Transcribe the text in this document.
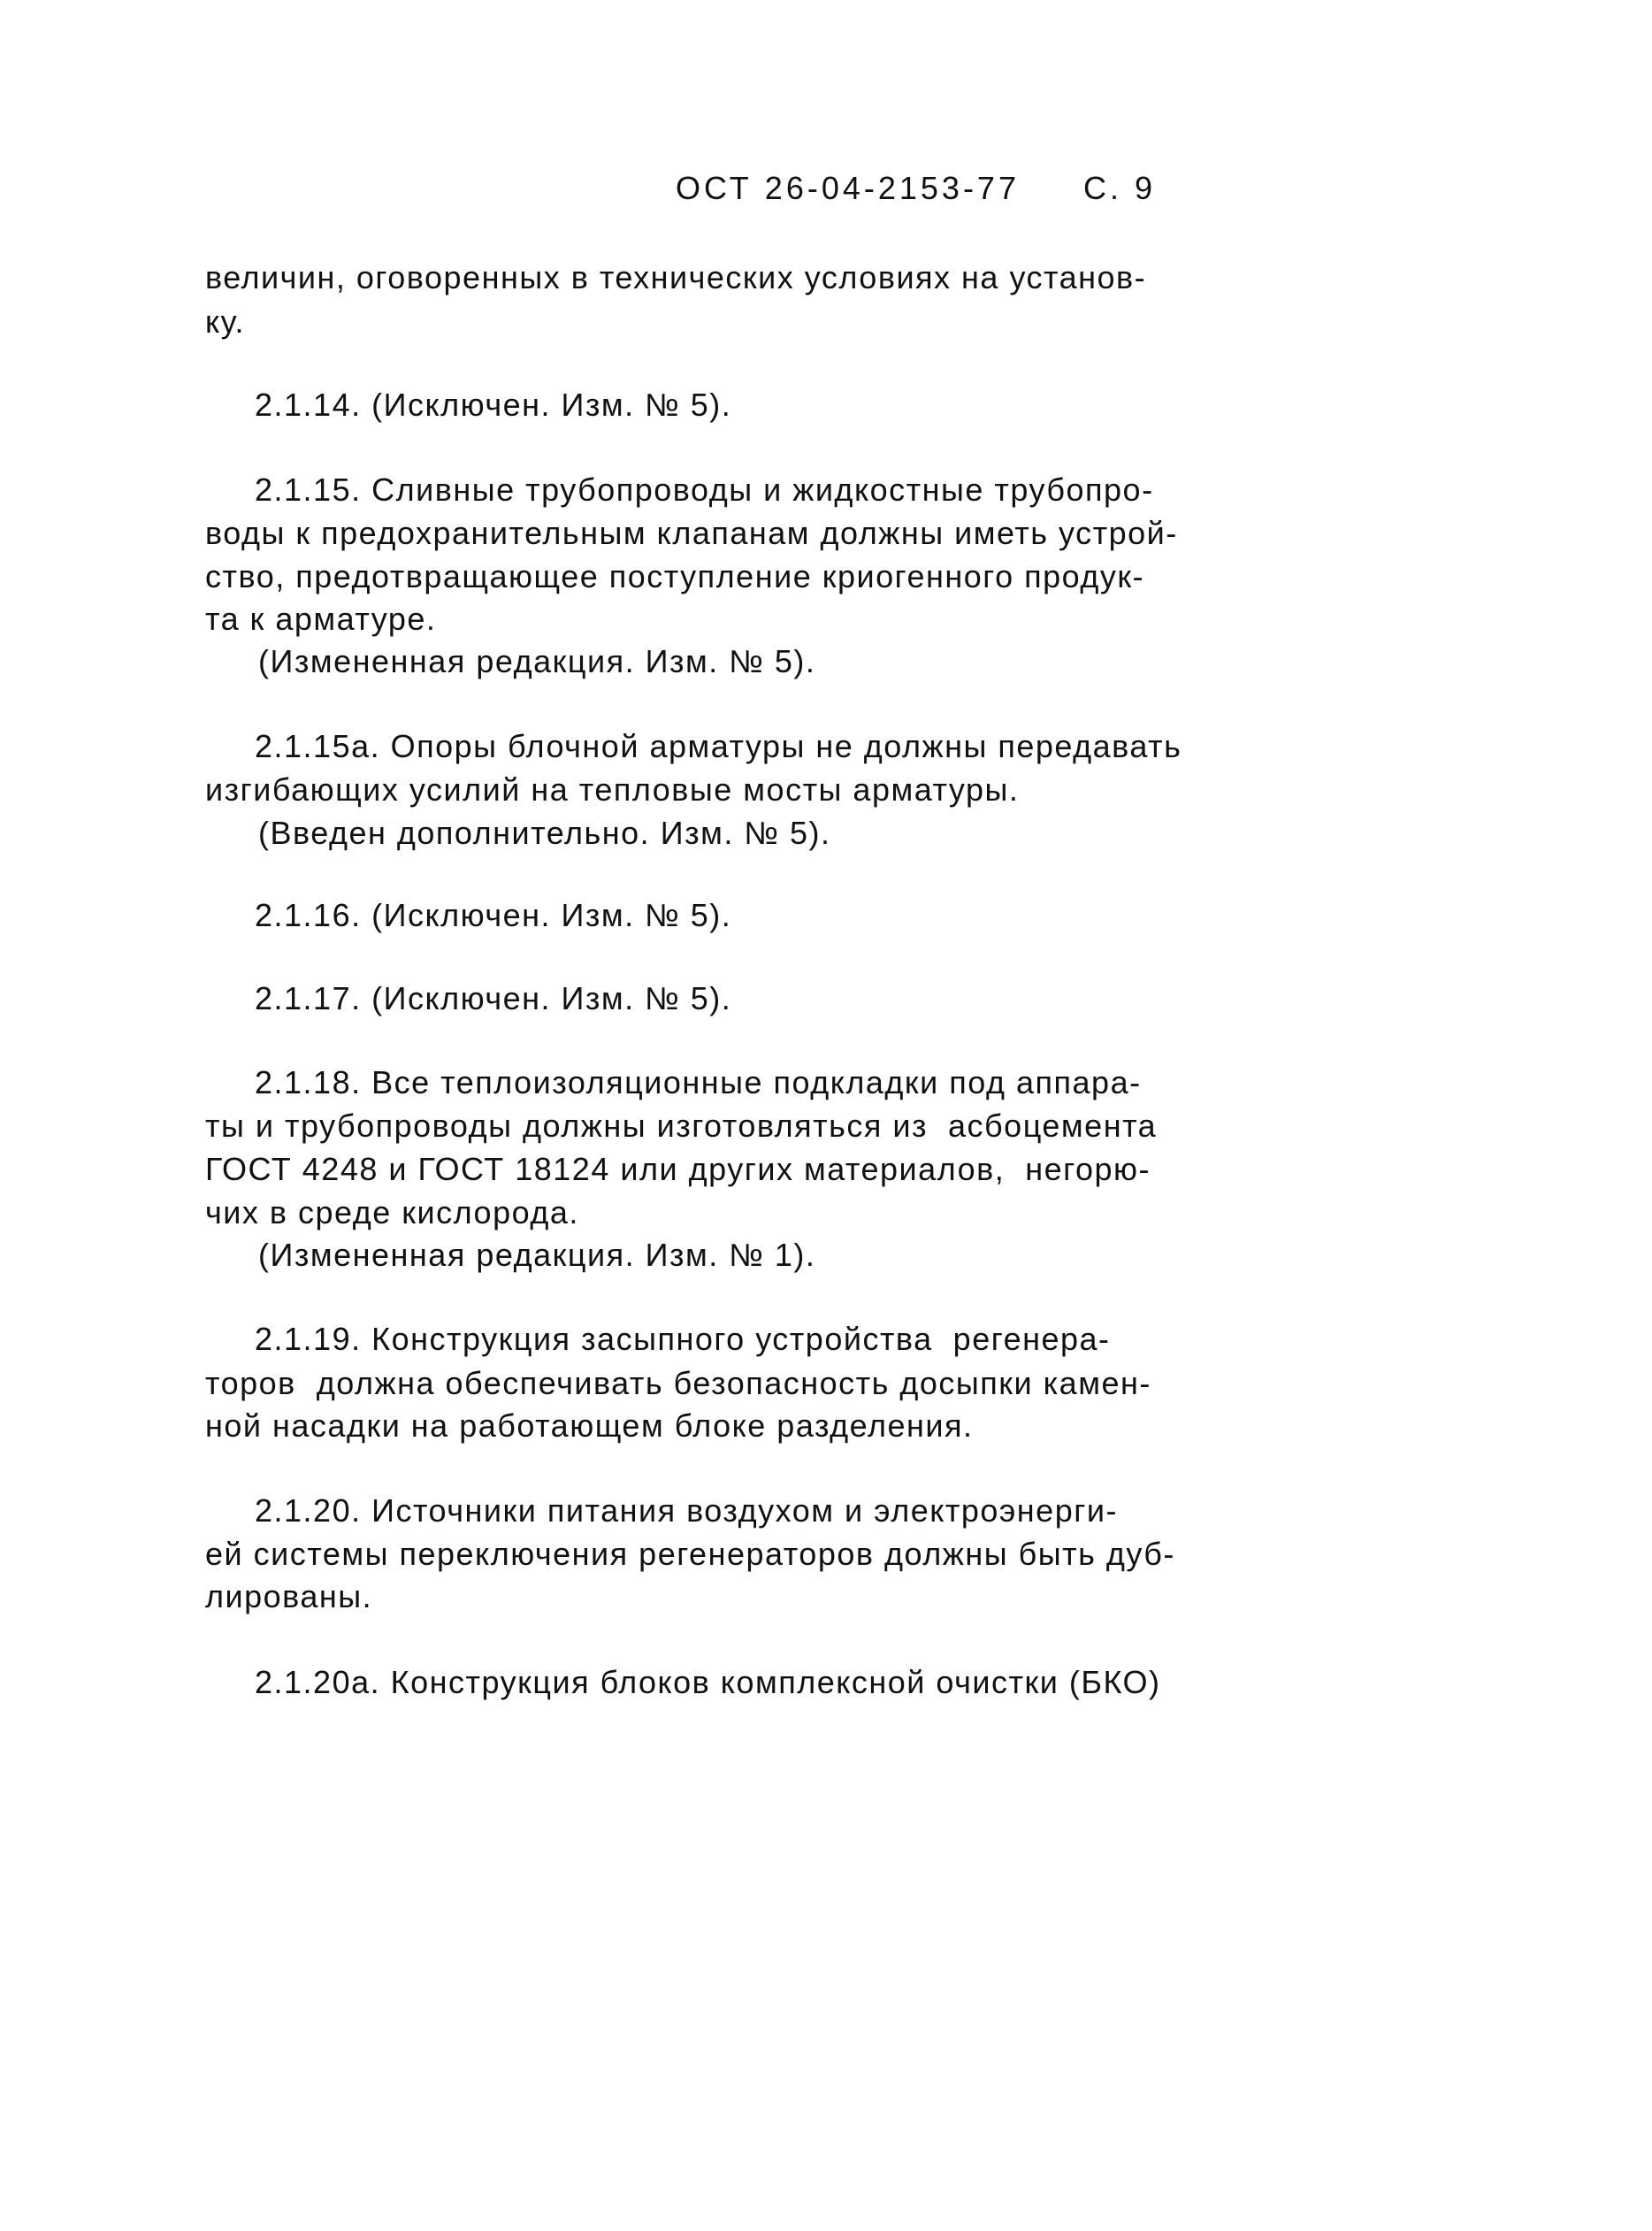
ОСТ 26-04-2153-77 С. 9
величин, оговоренных в технических условиях на установ-
ку.
2.1.14. (Исключен. Изм. № 5).
2.1.15. Сливные трубопроводы и жидкостные трубопро-
воды к предохранительным клапанам должны иметь устрой-
ство, предотвращающее поступление криогенного продук-
та к арматуре.
(Измененная редакция. Изм. № 5).
2.1.15а. Опоры блочной арматуры не должны передавать
изгибающих усилий на тепловые мосты арматуры.
(Введен дополнительно. Изм. № 5).
2.1.16. (Исключен. Изм. № 5).
2.1.17. (Исключен. Изм. № 5).
2.1.18. Все теплоизоляционные подкладки под аппара-
ты и трубопроводы должны изготовляться из  асбоцемента
ГОСТ 4248 и ГОСТ 18124 или других материалов,  негорю-
чих в среде кислорода.
(Измененная редакция. Изм. № 1).
2.1.19. Конструкция засыпного устройства  регенера-
торов  должна обеспечивать безопасность досыпки камен-
ной насадки на работающем блоке разделения.
2.1.20. Источники питания воздухом и электроэнерги-
ей системы переключения регенераторов должны быть дуб-
лированы.
2.1.20а. Конструкция блоков комплексной очистки (БКО)
